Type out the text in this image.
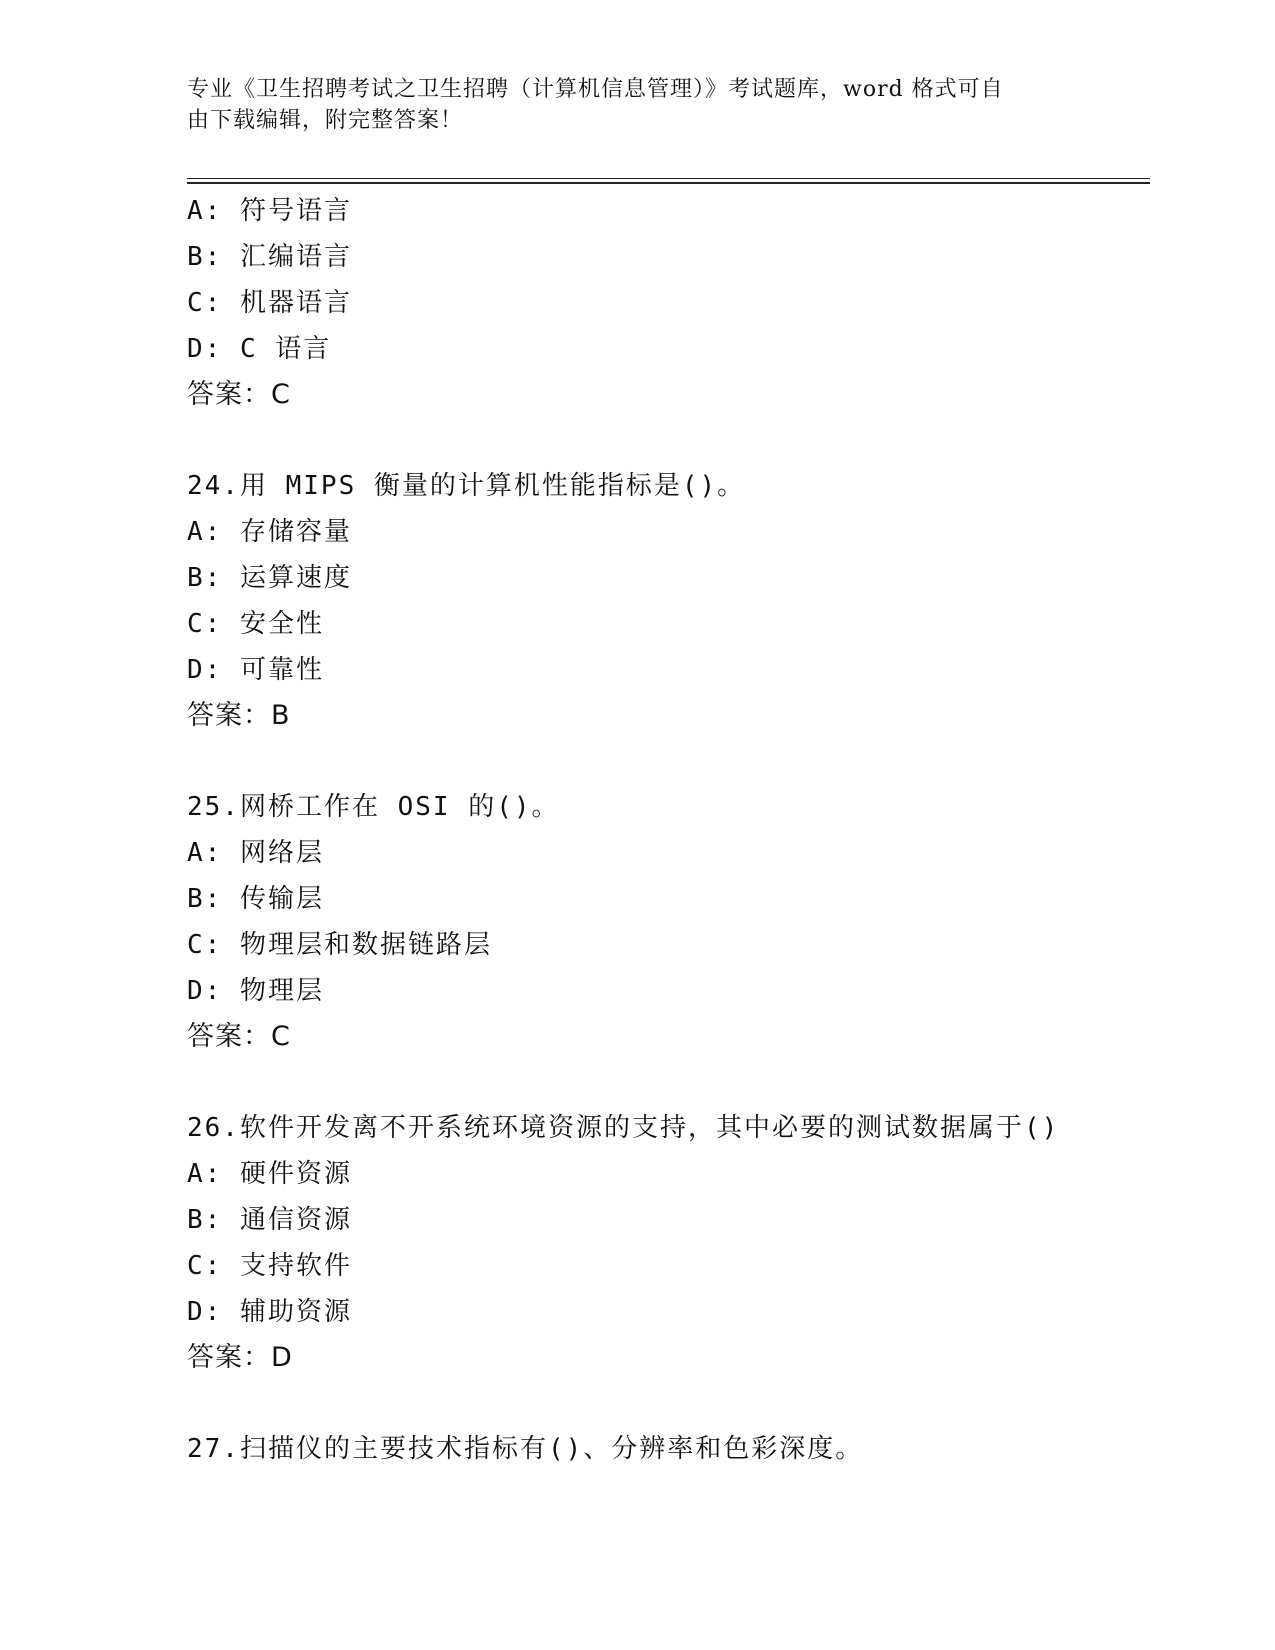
专业《卫生招聘考试之卫生招聘（计算机信息管理）》考试题库，word 格式可自
由下载编辑，附完整答案！
A: 符号语言
B: 汇编语言
C: 机器语言
D: C 语言
答案：C
24.用 MIPS 衡量的计算机性能指标是()。
A: 存储容量
B: 运算速度
C: 安全性
D: 可靠性
答案：B
25.网桥工作在 OSI 的()。
A: 网络层
B: 传输层
C: 物理层和数据链路层
D: 物理层
答案：C
26.软件开发离不开系统环境资源的支持，其中必要的测试数据属于()
A: 硬件资源
B: 通信资源
C: 支持软件
D: 辅助资源
答案：D
27.扫描仪的主要技术指标有()、分辨率和色彩深度。
